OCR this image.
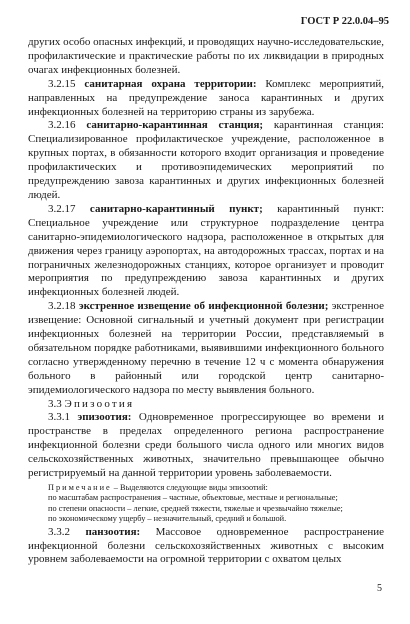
ГОСТ Р 22.0.04–95

других особо опасных инфекций, и проводящих научно-исследовательские, профилактические и практические работы по их ликвидации в природных очагах инфекционных болезней.

3.2.15 санитарная охрана территории: Комплекс мероприятий, направленных на предупреждение заноса карантинных и других инфекционных болезней на территорию страны из зарубежа.

3.2.16 санитарно-карантинная станция; карантинная станция: Специализированное профилактическое учреждение, расположенное в крупных портах, в обязанности которого входит организация и проведение профилактических и противоэпидемических мероприятий по предупреждению завоза карантинных и других инфекционных болезней людей.

3.2.17 санитарно-карантинный пункт; карантинный пункт: Специальное учреждение или структурное подразделение центра санитарно-эпидемиологического надзора, расположенное в открытых для движения через границу аэропортах, на автодорожных трассах, портах и на пограничных железнодорожных станциях, которое организует и проводит мероприятия по предупреждению завоза карантинных и других инфекционных болезней людей.

3.2.18 экстренное извещение об инфекционной болезни; экстренное извещение: Основной сигнальный и учетный документ при регистрации инфекционных болезней на территории России, представляемый в обязательном порядке работниками, выявившими инфекционного больного согласно утвержденному перечню в течение 12 ч с момента обнаружения больного в районный или городской центр санитарно-эпидемиологического надзора по месту выявления больного.

3.3 Эпизоотия

3.3.1 эпизоотия: Одновременное прогрессирующее во времени и пространстве в пределах определенного региона распространение инфекционной болезни среди большого числа одного или многих видов сельскохозяйственных животных, значительно превышающее обычно регистрируемый на данной территории уровень заболеваемости.

Примечание – Выделяются следующие виды эпизоотий:

по масштабам распространения – частные, объектовые, местные и региональные;

по степени опасности – легкие, средней тяжести, тяжелые и чрезвычайно тяжелые;

по экономическому ущербу – незначительный, средний и большой.

3.3.2 панзоотия: Массовое одновременное распространение инфекционной болезни сельскохозяйственных животных с высоким уровнем заболеваемости на огромной территории с охватом целых

5
